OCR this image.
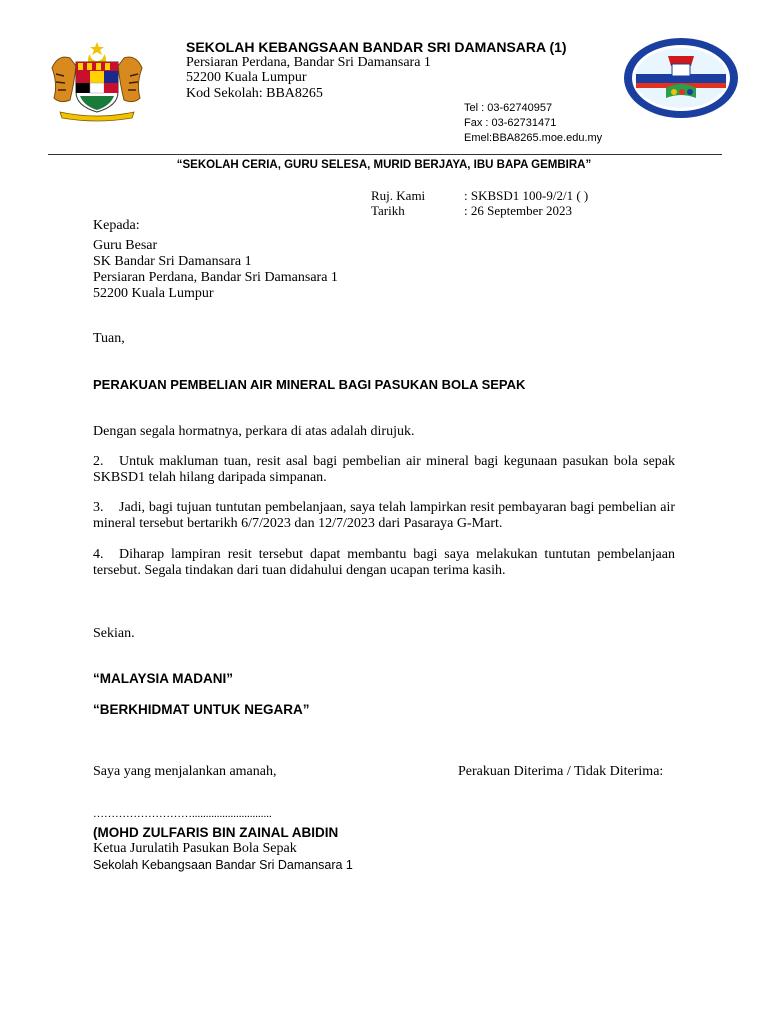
SEKOLAH KEBANGSAAN BANDAR SRI DAMANSARA (1)
Persiaran Perdana, Bandar Sri Damansara 1
52200 Kuala Lumpur
Kod Sekolah: BBA8265
Tel : 03-62740957
Fax : 03-62731471
Emel:BBA8265.moe.edu.my
“SEKOLAH CERIA, GURU SELESA, MURID BERJAYA, IBU BAPA GEMBIRA”
Ruj. Kami	: SKBSD1 100-9/2/1 ( )
Tarikh	: 26 September 2023
Kepada:
Guru Besar
SK Bandar Sri Damansara 1
Persiaran Perdana, Bandar Sri Damansara 1
52200 Kuala Lumpur
Tuan,
PERAKUAN PEMBELIAN AIR MINERAL BAGI PASUKAN BOLA SEPAK
Dengan segala hormatnya, perkara di atas adalah dirujuk.
2. Untuk makluman tuan, resit asal bagi pembelian air mineral bagi kegunaan pasukan bola sepak SKBSD1 telah hilang daripada simpanan.
3. Jadi, bagi tujuan tuntutan pembelanjaan, saya telah lampirkan resit pembayaran bagi pembelian air mineral tersebut bertarikh 6/7/2023 dan 12/7/2023 dari Pasaraya G-Mart.
4. Diharap lampiran resit tersebut dapat membantu bagi saya melakukan tuntutan pembelanjaan tersebut. Segala tindakan dari tuan didahului dengan ucapan terima kasih.
Sekian.
“MALAYSIA MADANI”
“BERKHIDMAT UNTUK NEGARA”
Saya yang menjalankan amanah,	Perakuan Diterima / Tidak Diterima:
……………………….............................
(MOHD ZULFARIS BIN ZAINAL ABIDIN
Ketua Jurulatih Pasukan Bola Sepak
Sekolah Kebangsaan Bandar Sri Damansara 1
